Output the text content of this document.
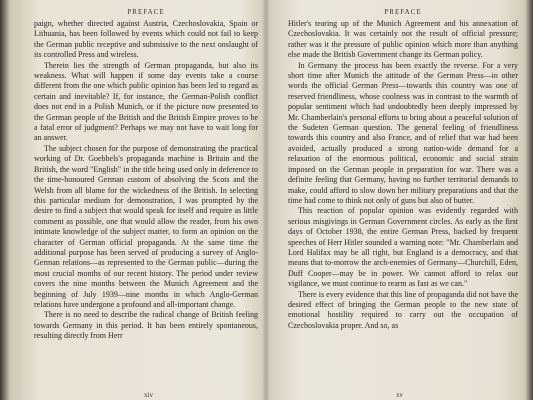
PREFACE

paign, whether directed against Austria, Czechoslovakia, Spain or Lithuania, has been followed by events which could not fail to keep the German public receptive and submissive to the next onslaught of its controlled Press and wireless.

Therein lies the strength of German propaganda, but also its weakness. What will happen if some day events take a course different from the one which public opinion has been led to regard as certain and inevitable? If, for instance, the German-Polish conflict does not end in a Polish Munich, or if the picture now presented to the German people of the British and the British Empire proves to be a fatal error of judgment? Perhaps we may not have to wait long for an answer.

The subject chosen for the purpose of demonstrating the practical working of Dr. Goebbels's propaganda machine is Britain and the British, the word "English" in the title being used only in deference to the time-honoured German custom of absolving the Scots and the Welsh from all blame for the wickedness of the British. In selecting this particular medium for demonstration, I was prompted by the desire to find a subject that would speak for itself and require as little comment as possible, one that would allow the reader, from his own intimate knowledge of the subject matter, to form an opinion on the character of German official propaganda. At the same time the additional purpose has been served of producing a survey of Anglo-German relations—as represented to the German public—during the most crucial months of our recent history. The period under review covers the nine months between the Munich Agreement and the beginning of July 1939—nine months in which Anglo-German relations have undergone a profound and all-important change.

There is no need to describe the radical change of British feeling towards Germany in this period. It has been entirely spontaneous, resulting directly from Herr

xiv
PREFACE

Hitler's tearing up of the Munich Agreement and his annexation of Czechoslovakia. It was certainly not the result of official pressure; rather was it the pressure of public opinion which more than anything else made the British Government change its German policy.

In Germany the process has been exactly the reverse. For a very short time after Munich the attitude of the German Press—in other words the official German Press—towards this country was one of reserved friendliness, whose coolness was in contrast to the warmth of popular sentiment which had undoubtedly been deeply impressed by Mr. Chamberlain's personal efforts to bring about a peaceful solution of the Sudeten German question. The general feeling of friendliness towards this country and also France, and of relief that war had been avoided, actually produced a strong nation-wide demand for a relaxation of the enormous political, economic and social strain imposed on the German people in preparation for war. There was a definite feeling that Germany, having no further territorial demands to make, could afford to slow down her military preparations and that the time had come to think not only of guns but also of butter.

This reaction of popular opinion was evidently regarded with serious misgivings in German Government circles. As early as the first days of October 1938, the entire German Press, backed by frequent speeches of Herr Hitler sounded a warning note: "Mr. Chamberlain and Lord Halifax may be all right, but England is a democracy, and that means that to-morrow the arch-enemies of Germany—Churchill, Eden, Duff Cooper—may be in power. We cannot afford to relax our vigilance, we must continue to rearm as fast as we can."

There is every evidence that this line of propaganda did not have the desired effect of bringing the German people to the new state of emotional hostility required to carry out the occupation of Czechoslovakia proper. And so, as

xv
